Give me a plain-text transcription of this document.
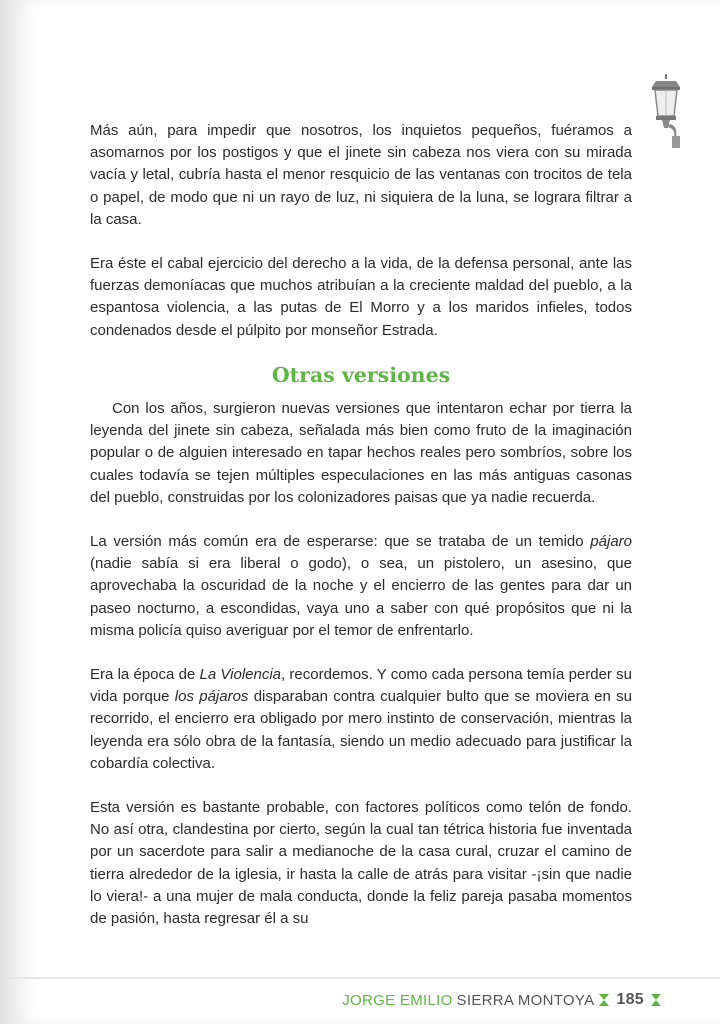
Más aún, para impedir que nosotros, los inquietos pequeños, fuéramos a asomarnos por los postigos y que el jinete sin cabeza nos viera con su mirada vacía y letal, cubría hasta el menor resquicio de las ventanas con trocitos de tela o papel, de modo que ni un rayo de luz, ni siquiera de la luna, se lograra filtrar a la casa.

Era éste el cabal ejercicio del derecho a la vida, de la defensa personal, ante las fuerzas demoníacas que muchos atribuían a la creciente maldad del pueblo, a la espantosa violencia, a las putas de El Morro y a los maridos infieles, todos condenados desde el púlpito por monseñor Estrada.

Otras versiones

Con los años, surgieron nuevas versiones que intentaron echar por tierra la leyenda del jinete sin cabeza, señalada más bien como fruto de la imaginación popular o de alguien interesado en tapar hechos reales pero sombríos, sobre los cuales todavía se tejen múltiples especulaciones en las más antiguas casonas del pueblo, construidas por los colonizadores paisas que ya nadie recuerda.

La versión más común era de esperarse: que se trataba de un temido pájaro (nadie sabía si era liberal o godo), o sea, un pistolero, un asesino, que aprovechaba la oscuridad de la noche y el encierro de las gentes para dar un paseo nocturno, a escondidas, vaya uno a saber con qué propósitos que ni la misma policía quiso averiguar por el temor de enfrentarlo.

Era la época de La Violencia, recordemos. Y como cada persona temía perder su vida porque los pájaros disparaban contra cualquier bulto que se moviera en su recorrido, el encierro era obligado por mero instinto de conservación, mientras la leyenda era sólo obra de la fantasía, siendo un medio adecuado para justificar la cobardía colectiva.

Esta versión es bastante probable, con factores políticos como telón de fondo. No así otra, clandestina por cierto, según la cual tan tétrica historia fue inventada por un sacerdote para salir a medianoche de la casa cural, cruzar el camino de tierra alrededor de la iglesia, ir hasta la calle de atrás para visitar -¡sin que nadie lo viera!- a una mujer de mala conducta, donde la feliz pareja pasaba momentos de pasión, hasta regresar él a su

JORGE EMILIO SIERRA MONTOYA 185
